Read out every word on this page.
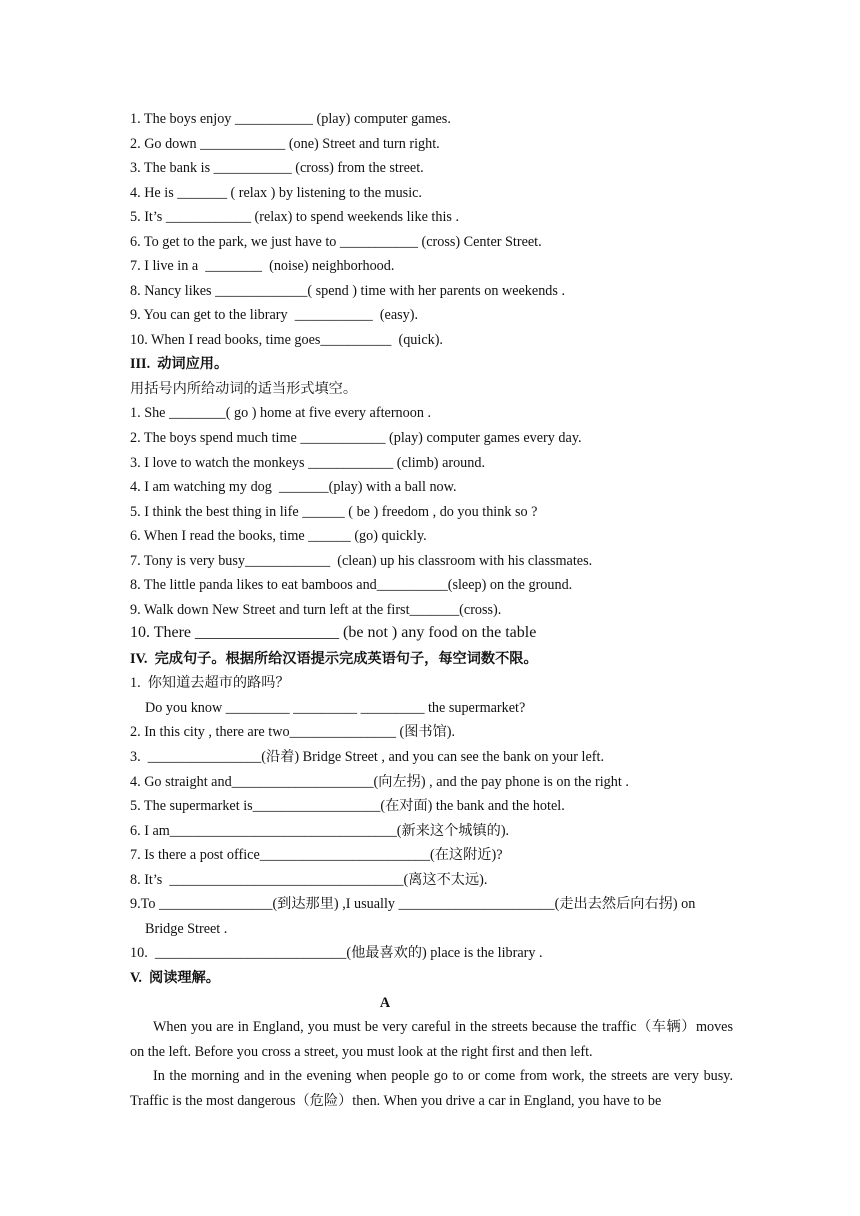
1. The boys enjoy ___________ (play) computer games.
2. Go down ____________ (one) Street and turn right.
3. The bank is ___________ (cross) from the street.
4. He is _______ ( relax ) by listening to the music.
5. It’s ____________ (relax) to spend weekends like this .
6. To get to the park, we just have to ___________ (cross) Center Street.
7. I live in a  ________  (noise) neighborhood.
8. Nancy likes _____________( spend ) time with her parents on weekends .
9. You can get to the library  ___________  (easy).
10. When I read books, time goes__________  (quick).
III.  动词应用。
用括号内所给动词的适当形式填空。
1. She ________( go ) home at five every afternoon .
2. The boys spend much time ____________ (play) computer games every day.
3. I love to watch the monkeys ____________ (climb) around.
4. I am watching my dog  _______(play) with a ball now.
5. I think the best thing in life ______ ( be ) freedom , do you think so ?
6. When I read the books, time ______ (go) quickly.
7. Tony is very busy____________  (clean) up his classroom with his classmates.
8. The little panda likes to eat bamboos and__________(sleep) on the ground.
9. Walk down New Street and turn left at the first_______(cross).
10. There __________________ (be not ) any food on the table
IV.  完成句子。根据所给汉语提示完成英语句子，每空词数不限。
1.  你知道去超市的路吗？
Do you know _________ _________ _________ the supermarket?
2. In this city , there are two_______________ (图书馆).
3.  ________________(沿着) Bridge Street , and you can see the bank on your left.
4. Go straight and____________________(向左拐) , and the pay phone is on the right .
5. The supermarket is__________________(在对面) the bank and the hotel.
6. I am________________________________(新来这个城镇的).
7. Is there a post office________________________(在这附近)?
8. It’s  _________________________________(离这不太远).
9.To ________________(到达那里) ,I usually ______________________(走出去然后向右拐) on
Bridge Street .
10.  ___________________________(他最喜欢的) place is the library .
V.  阅读理解。
A
When you are in England, you must be very careful in the streets because the traffic（车辆）moves on the left. Before you cross a street, you must look at the right first and then left.
In the morning and in the evening when people go to or come from work, the streets are very busy. Traffic is the most dangerous（危险）then. When you drive a car in England, you have to be
